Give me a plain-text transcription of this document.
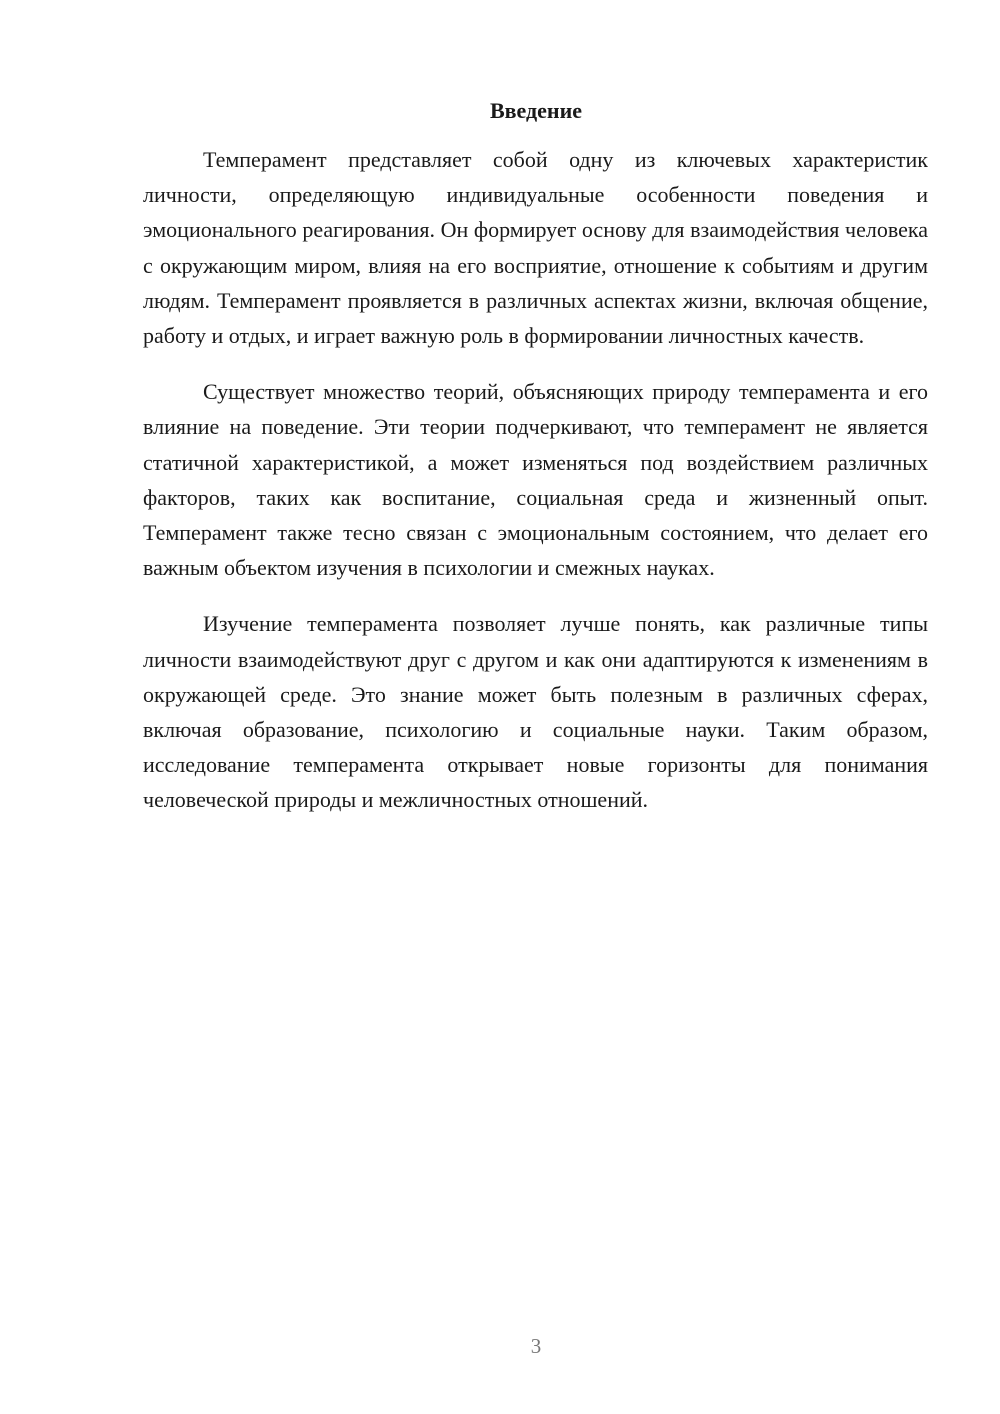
Введение

Темперамент представляет собой одну из ключевых характеристик личности, определяющую индивидуальные особенности поведения и эмоционального реагирования. Он формирует основу для взаимодействия человека с окружающим миром, влияя на его восприятие, отношение к событиям и другим людям. Темперамент проявляется в различных аспектах жизни, включая общение, работу и отдых, и играет важную роль в формировании личностных качеств.

Существует множество теорий, объясняющих природу темперамента и его влияние на поведение. Эти теории подчеркивают, что темперамент не является статичной характеристикой, а может изменяться под воздействием различных факторов, таких как воспитание, социальная среда и жизненный опыт. Темперамент также тесно связан с эмоциональным состоянием, что делает его важным объектом изучения в психологии и смежных науках.

Изучение темперамента позволяет лучше понять, как различные типы личности взаимодействуют друг с другом и как они адаптируются к изменениям в окружающей среде. Это знание может быть полезным в различных сферах, включая образование, психологию и социальные науки. Таким образом, исследование темперамента открывает новые горизонты для понимания человеческой природы и межличностных отношений.

3
